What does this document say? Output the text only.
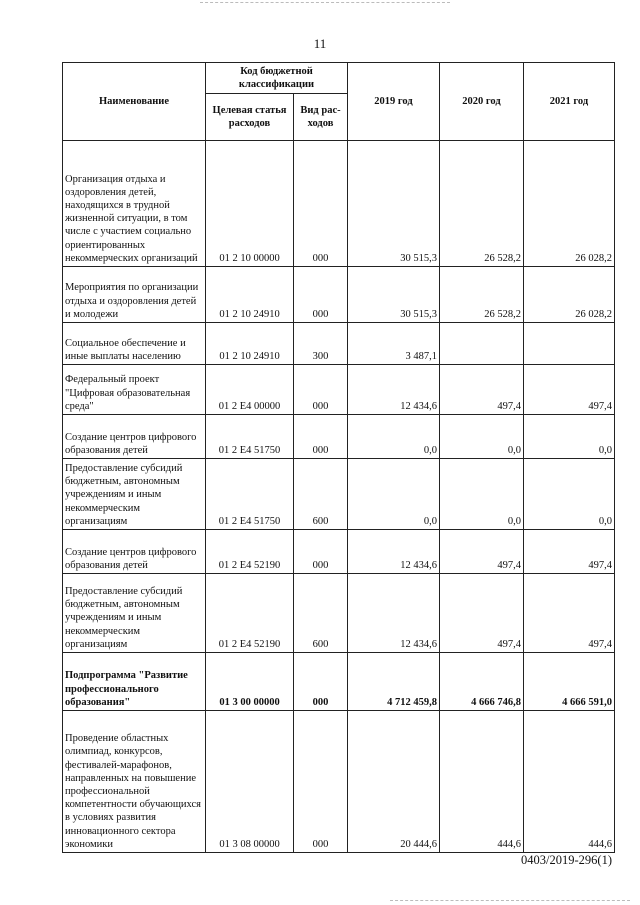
11
Наименование	Код бюджетной классификации		2019 год	2020 год	2021 год
	Целевая статья расходов	Вид рас-ходов			
Организация отдыха и оздоровления детей, находящихся в трудной жизненной ситуации, в том числе с участием социально ориентированных некоммерческих организаций	01 2 10 00000	000	30 515,3	26 528,2	26 028,2
Мероприятия по организации отдыха и оздоровления детей и молодежи	01 2 10 24910	000	30 515,3	26 528,2	26 028,2
Социальное обеспечение и иные выплаты населению	01 2 10 24910	300	3 487,1		
Федеральный проект "Цифровая образовательная среда"	01 2 E4 00000	000	12 434,6	497,4	497,4
Создание центров цифрового образования детей	01 2 E4 51750	000	0,0	0,0	0,0
Предоставление субсидий бюджетным, автономным учреждениям и иным некоммерческим организациям	01 2 E4 51750	600	0,0	0,0	0,0
Создание центров цифрового образования детей	01 2 E4 52190	000	12 434,6	497,4	497,4
Предоставление субсидий бюджетным, автономным учреждениям и иным некоммерческим организациям	01 2 E4 52190	600	12 434,6	497,4	497,4
Подпрограмма "Развитие профессионального образования"	01 3 00 00000	000	4 712 459,8	4 666 746,8	4 666 591,0
Проведение областных олимпиад, конкурсов, фестивалей-марафонов, направленных на повышение профессиональной компетентности обучающихся в условиях развития инновационного сектора экономики	01 3 08 00000	000	20 444,6	444,6	444,6
0403/2019-296(1)
